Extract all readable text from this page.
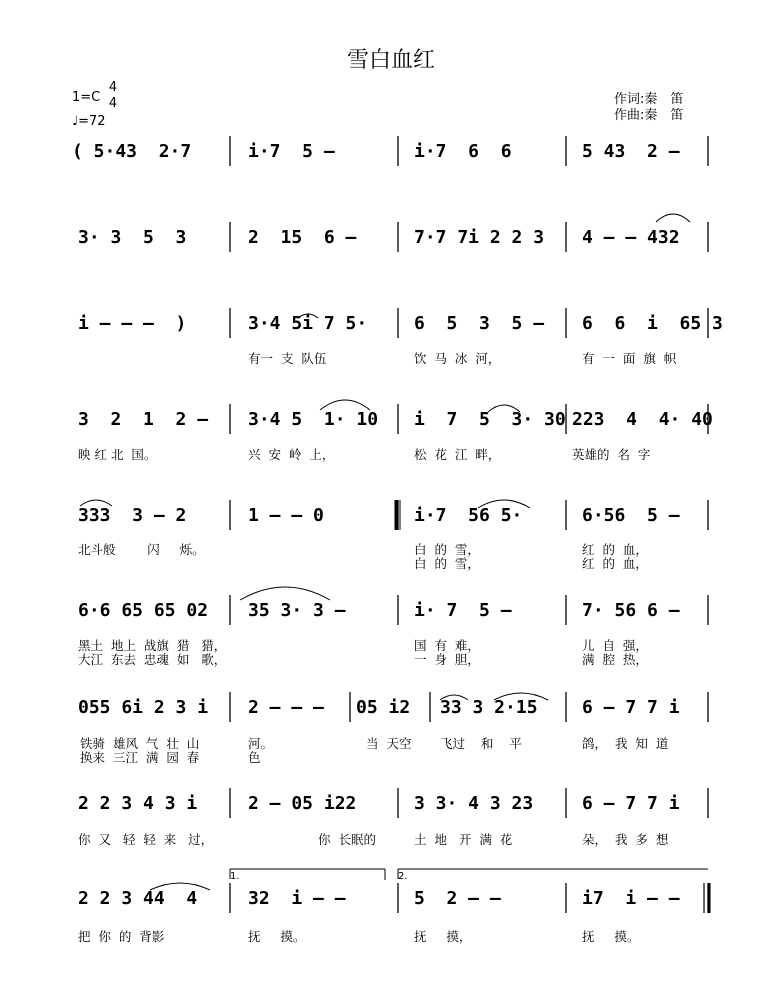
雪白血红
1=C
4
4
♩=72
作词:秦　笛
作曲:秦　笛
( 5·43  2·7	i·7  5 –	i·7  6  6	5 43  2 –
3· 3  5  3	2  15  6 –	7·7 7i 2 2 3 4 – – 432
i – – –  )	3·4 5i 7 5·	6  5  3  5 – 6  6  i  65 3
有一  支  队伍	饮  马  冰  河，	有  一  面  旗  帜
3  2  1  2 – 3·4 5  1· 10 i  7  5  3· 30 223  4  4· 40
映 红 北  国。	兴  安  岭  上，	松  花  江  畔，	英雄的  名  字
333  3 – 2	1 – – 0	i·7  56 5·	6·56  5 –
北斗般        闪     烁。	白  的  雪，	红  的  血，
白  的  雪，	红  的  血，
6·6 65 65 02 35 3· 3 –	i· 7  5 –	7· 56 6 –
黑土  地上  战旗  猎   猎，	国  有  难，	儿  自  强，
大江  东去  忠魂  如   歌，	一  身  胆，	满  腔  热，
055 6i 2 3 i 2 – – – 05 i2 33 3 2·15 6 – 7 7 i
铁骑  雄风  气  壮  山	河。	当  天空 飞过    和    平	鸽，  我  知  道
换来  三江  满  园  春	色
2 2 3 4 3 i	2 – 05 i22	3 3· 4 3 23	6 – 7 7 i
你  又   轻  轻  来   过，	你  长眠的	土  地   开  满  花	朵，  我  多  想
2 2 3 44  4	32  i – –	5  2 – –	i7  i – –
把  你  的  背影	抚     摸。	抚     摸，	抚     摸。
1.	2.
